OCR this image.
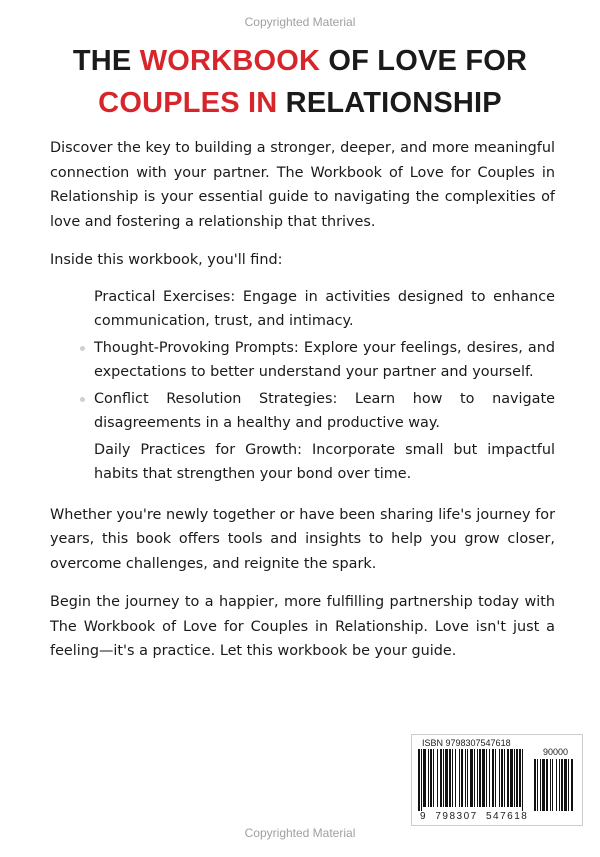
Copyrighted Material
THE WORKBOOK OF LOVE FOR
COUPLES IN RELATIONSHIP

Discover the key to building a stronger, deeper, and more meaningful connection with your partner. The Workbook of Love for Couples in Relationship is your essential guide to navigating the complexities of love and fostering a relationship that thrives.

Inside this workbook, you'll find:

Practical Exercises: Engage in activities designed to enhance communication, trust, and intimacy.
Thought-Provoking Prompts: Explore your feelings, desires, and expectations to better understand your partner and yourself.
Conflict Resolution Strategies: Learn how to navigate disagreements in a healthy and productive way.
Daily Practices for Growth: Incorporate small but impactful habits that strengthen your bond over time.

Whether you're newly together or have been sharing life's journey for years, this book offers tools and insights to help you grow closer, overcome challenges, and reignite the spark.

Begin the journey to a happier, more fulfilling partnership today with The Workbook of Love for Couples in Relationship. Love isn't just a feeling—it's a practice. Let this workbook be your guide.

ISBN 9798307547618
90000
9 798307 547618
Copyrighted Material
